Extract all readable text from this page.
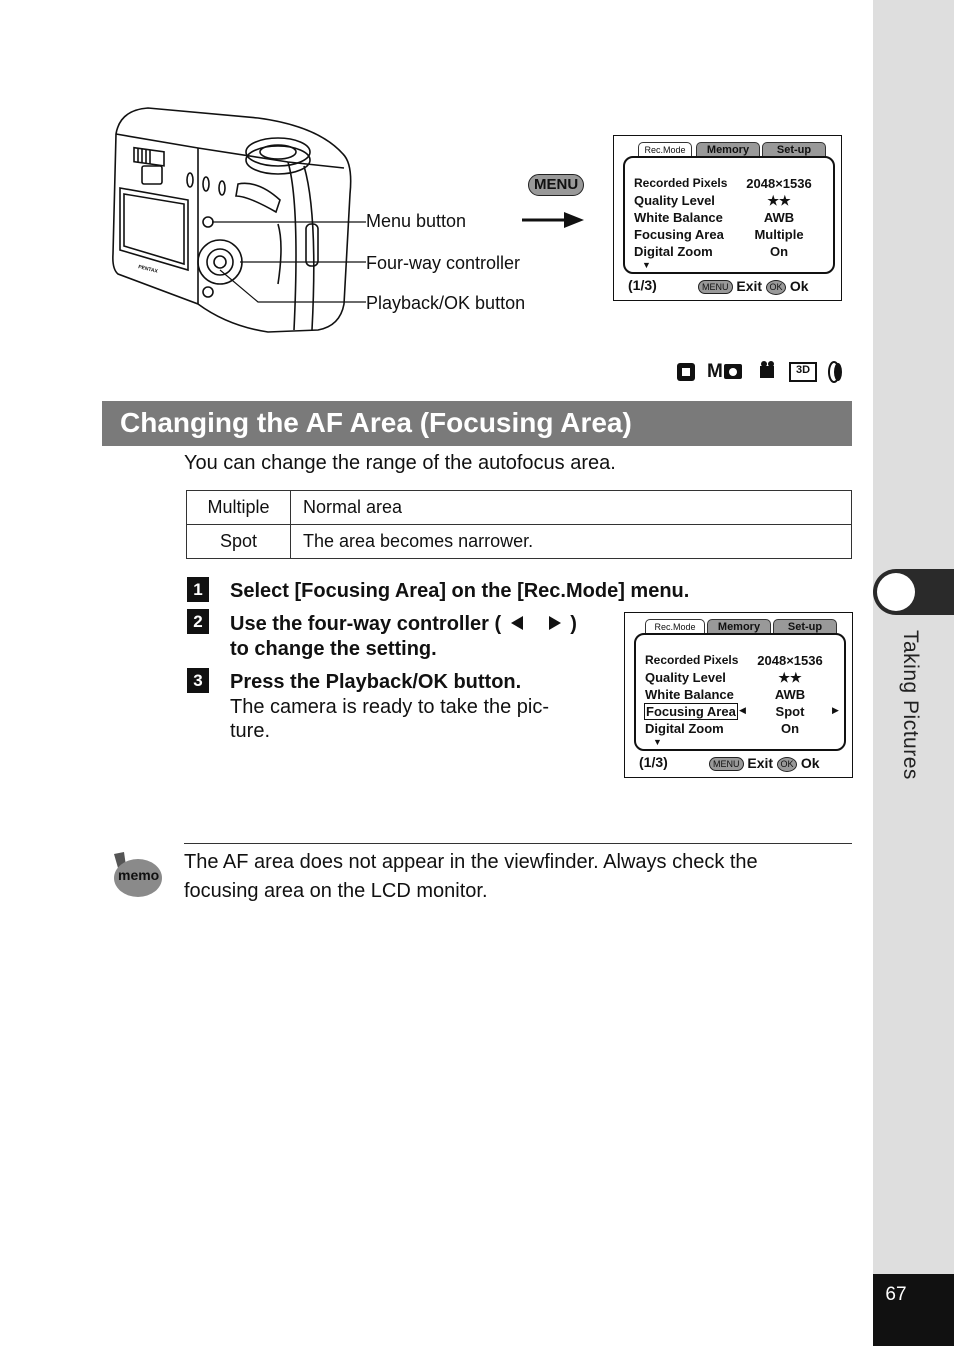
Taking Pictures
67
PENTAX
Menu button
Four-way controller
Playback/OK button
MENU
Rec.Mode	Memory	Set-up
Recorded Pixels	2048×1536
Quality Level	★★
White Balance	AWB
Focusing Area	Multiple
Digital Zoom	On
▼
(1/3)	MENU Exit OK Ok
M	3D
Changing the AF Area (Focusing Area)
You can change the range of the autofocus area.
Multiple	Normal area
Spot	The area becomes narrower.
1	Select [Focusing Area] on the [Rec.Mode] menu.
2	Use the four-way controller (	)
to change the setting.
3	Press the Playback/OK button.
The camera is ready to take the pic-
ture.
Rec.Mode	Memory	Set-up
Recorded Pixels	2048×1536
Quality Level	★★
White Balance	AWB
Focusing Area ◀	Spot	▶
Digital Zoom	On
▼
(1/3)	MENU Exit OK Ok
memo
The AF area does not appear in the viewfinder. Always check the
focusing area on the LCD monitor.
